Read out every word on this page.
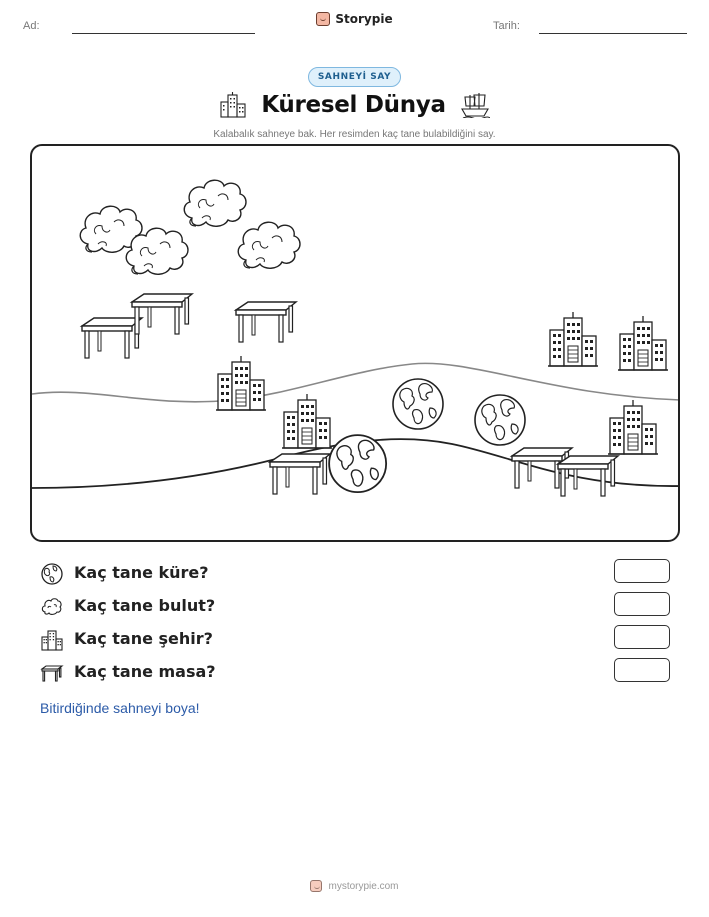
Ad:	Storypie	Tarih:
SAHNEYİ SAY
Küresel Dünya
Kalabalık sahneye bak. Her resimden kaç tane bulabildiğini say.
Kaç tane küre?
Kaç tane bulut?
Kaç tane şehir?
Kaç tane masa?
Bitirdiğinde sahneyi boya!
mystorypie.com
